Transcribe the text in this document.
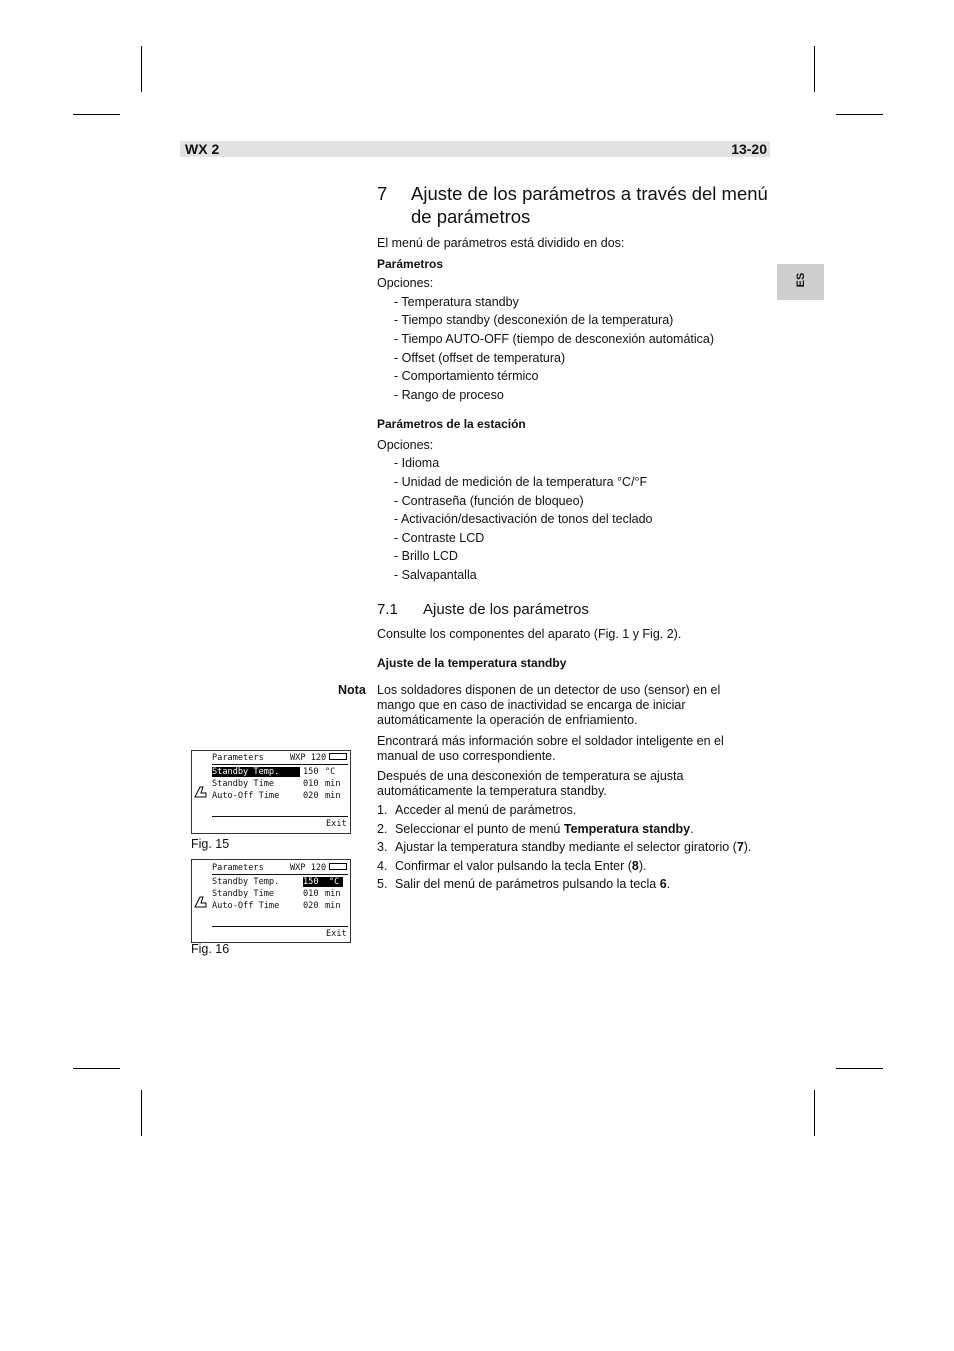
WX 2	13-20
ES
7 Ajuste de los parámetros a través del menú de parámetros
El menú de parámetros está dividido en dos:
Parámetros
Opciones:
- Temperatura standby
- Tiempo standby (desconexión de la temperatura)
- Tiempo AUTO-OFF (tiempo de desconexión automática)
- Offset (offset de temperatura)
- Comportamiento térmico
- Rango de proceso
Parámetros de la estación
Opciones:
- Idioma
- Unidad de medición de la temperatura °C/°F
- Contraseña (función de bloqueo)
- Activación/desactivación de tonos del teclado
- Contraste LCD
- Brillo LCD
- Salvapantalla
7.1 Ajuste de los parámetros
Consulte los componentes del aparato (Fig. 1 y Fig. 2).
Ajuste de la temperatura standby
Nota Los soldadores disponen de un detector de uso (sensor) en el mango que en caso de inactividad se encarga de iniciar automáticamente la operación de enfriamiento.
Encontrará más información sobre el soldador inteligente en el manual de uso correspondiente.
Después de una desconexión de temperatura se ajusta automáticamente la temperatura standby.
1. Acceder al menú de parámetros.
2. Seleccionar el punto de menú Temperatura standby.
3. Ajustar la temperatura standby mediante el selector giratorio (7).
4. Confirmar el valor pulsando la tecla Enter (8).
5. Salir del menú de parámetros pulsando la tecla 6.
Parameters	WXP 120
Standby Temp.	150 °C
Standby Time	010 min
Auto-Off Time	020 min
Exit
Fig. 15
Parameters	WXP 120
Standby Temp.	150 °C
Standby Time	010 min
Auto-Off Time	020 min
Exit
Fig. 16
